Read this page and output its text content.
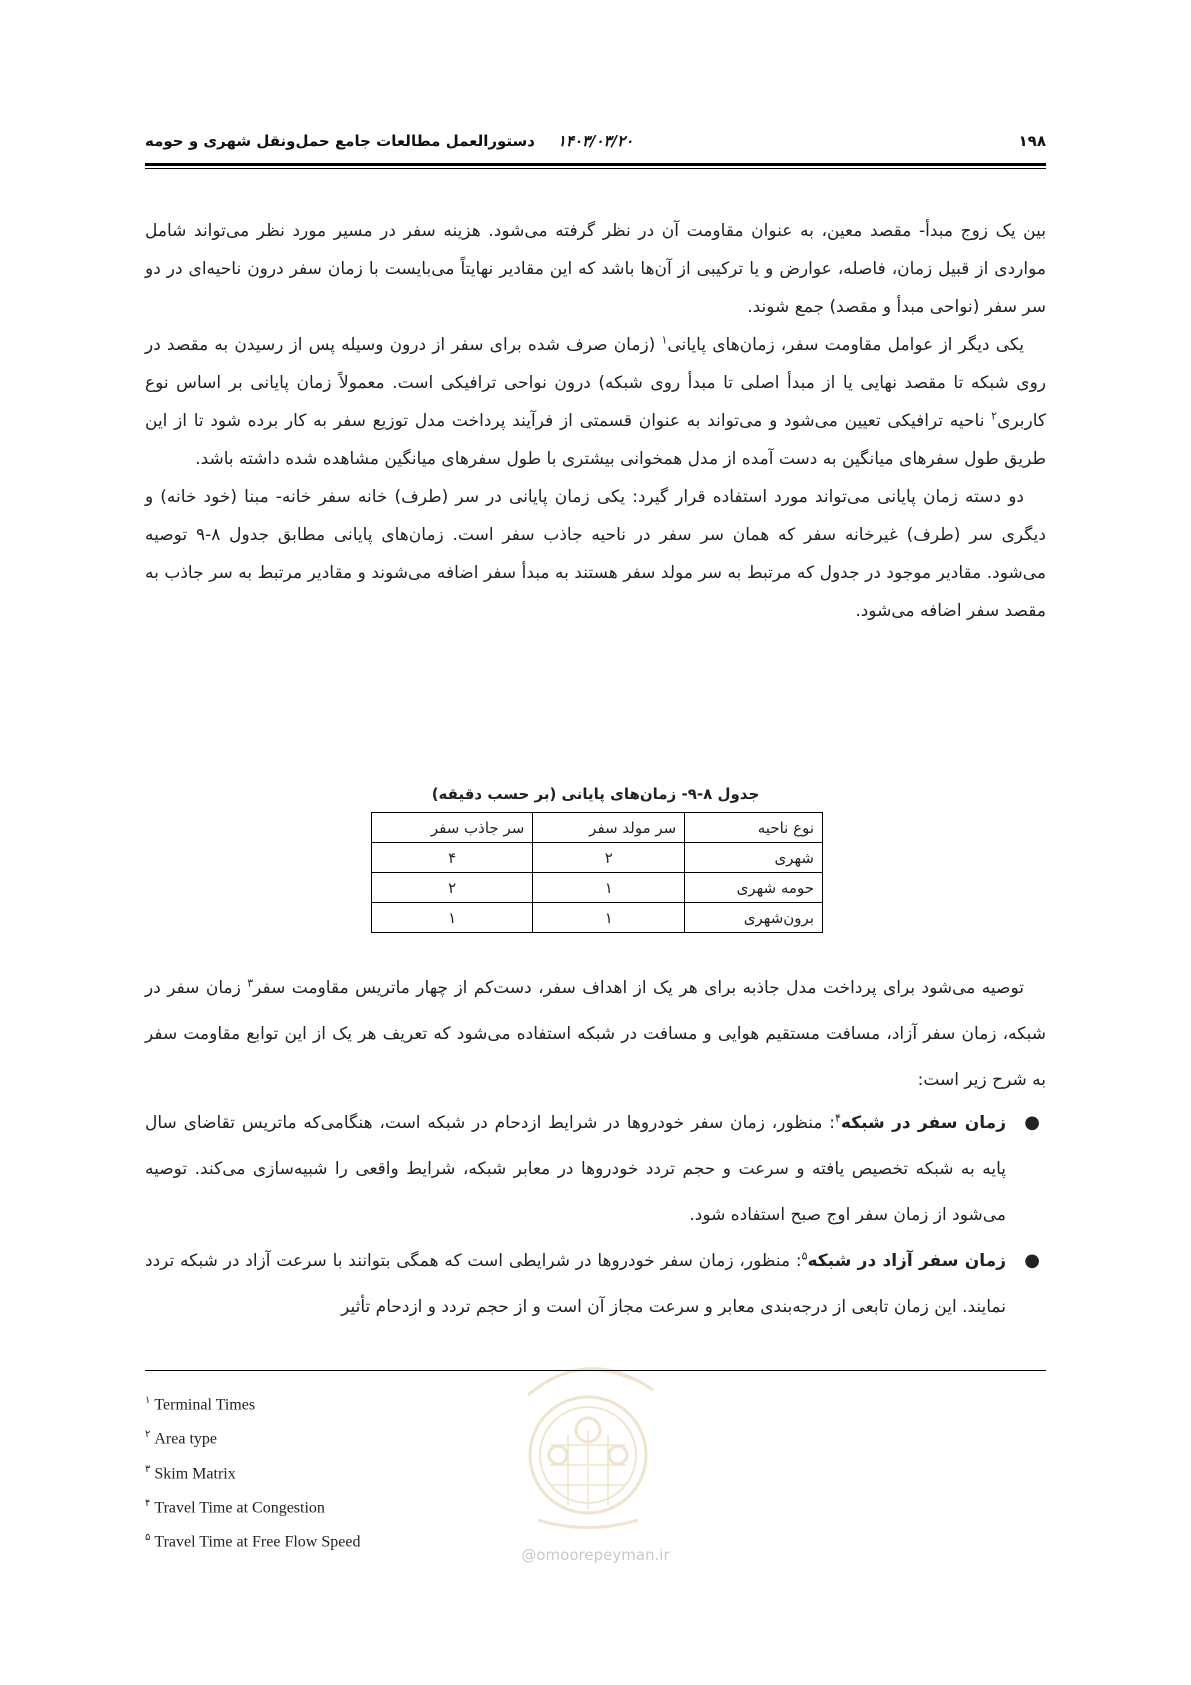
۱۹۸
۱۴۰۳/۰۳/۲۰
دستورالعمل مطالعات جامع حمل‌ونقل شهری و حومه

بین یک زوج مبدأ- مقصد معین، به عنوان مقاومت آن در نظر گرفته می‌شود. هزینه سفر در مسیر مورد نظر می‌تواند شامل مواردی از قبیل زمان، فاصله، عوارض و یا ترکیبی از آن‌ها باشد که این مقادیر نهایتاً می‌بایست با زمان سفر درون ناحیه‌ای در دو سر سفر (نواحی مبدأ و مقصد) جمع شوند.

یکی دیگر از عوامل مقاومت سفر، زمان‌های پایانی$^۱$ (زمان صرف شده برای سفر از درون وسیله پس از رسیدن به مقصد در روی شبکه تا مقصد نهایی یا از مبدأ اصلی تا مبدأ روی شبکه) درون نواحی ترافیکی است. معمولاً زمان پایانی بر اساس نوع کاربری$^۲$ ناحیه ترافیکی تعیین می‌شود و می‌تواند به عنوان قسمتی از فرآیند پرداخت مدل توزیع سفر به کار برده شود تا از این طریق طول سفرهای میانگین به دست آمده از مدل همخوانی بیشتری با طول سفرهای میانگین مشاهده شده داشته باشد.

دو دسته زمان پایانی می‌تواند مورد استفاده قرار گیرد: یکی زمان پایانی در سر (طرف) خانه سفر خانه- مبنا (خود خانه) و دیگری سر (طرف) غیرخانه سفر که همان سر سفر در ناحیه جاذب سفر است. زمان‌های پایانی مطابق جدول ۸-۹ توصیه می‌شود. مقادیر موجود در جدول که مرتبط به سر مولد سفر هستند به مبدأ سفر اضافه می‌شوند و مقادیر مرتبط به سر جاذب به مقصد سفر اضافه می‌شود.

جدول ۸-۹- زمان‌های پایانی (بر حسب دقیقه)
نوع ناحیه	سر مولد سفر	سر جاذب سفر
شهری	۲	۴
حومه شهری	۱	۲
برون‌شهری	۱	۱

توصیه می‌شود برای پرداخت مدل جاذبه برای هر یک از اهداف سفر، دست‌کم از چهار ماتریس مقاومت سفر$^۳$ زمان سفر در شبکه، زمان سفر آزاد، مسافت مستقیم هوایی و مسافت در شبکه استفاده می‌شود که تعریف هر یک از این توابع مقاومت سفر به شرح زیر است:

●
زمان سفر در شبکه$^۴$: منظور، زمان سفر خودروها در شرایط ازدحام در شبکه است، هنگامی‌که ماتریس تقاضای سال پایه به شبکه تخصیص یافته و سرعت و حجم تردد خودروها در معابر شبکه، شرایط واقعی را شبیه‌سازی می‌کند. توصیه می‌شود از زمان سفر اوج صبح استفاده شود.
●
زمان سفر آزاد در شبکه$^۵$: منظور، زمان سفر خودروها در شرایطی است که همگی بتوانند با سرعت آزاد در شبکه تردد نمایند. این زمان تابعی از درجه‌بندی معابر و سرعت مجاز آن است و از حجم تردد و ازدحام تأثیر
@omoorepeyman.ir
$^۱$ Terminal Times
$^۲$ Area type
$^۳$ Skim Matrix
$^۴$ Travel Time at Congestion
$^۵$ Travel Time at Free Flow Speed
